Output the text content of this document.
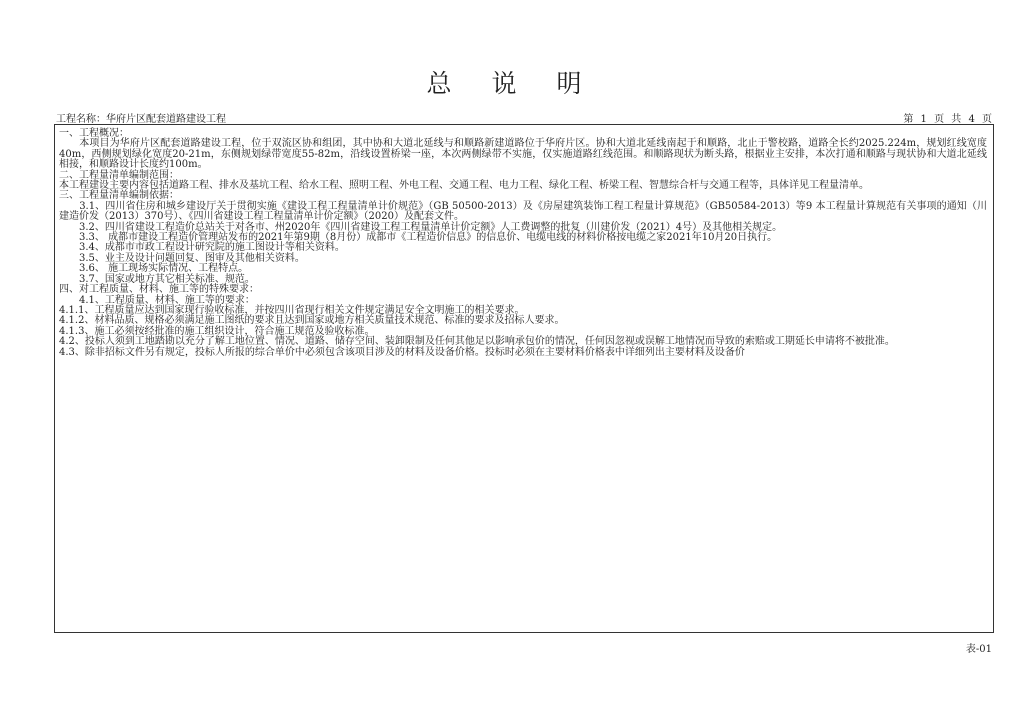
总 说 明
工程名称：华府片区配套道路建设工程	第 1 页 共 4 页

一、工程概况：

　　本项目为华府片区配套道路建设工程，位于双流区协和组团，其中协和大道北延线与和顺路新建道路位于华府片区。协和大道北延线南起于和顺路，北止于警校路，道路全长约2025.224m，规划红线宽度40m，西侧规划绿化宽度20-21m，东侧规划绿带宽度55-82m，沿线设置桥梁一座，本次两侧绿带不实施，仅实施道路红线范围。和顺路现状为断头路，根据业主安排，本次打通和顺路与现状协和大道北延线相接，和顺路设计长度约100m。

二、工程量清单编制范围：

本工程建设主要内容包括道路工程、排水及基坑工程、给水工程、照明工程、外电工程、交通工程、电力工程、绿化工程、桥梁工程、智慧综合杆与交通工程等，具体详见工程量清单。

三、工程量清单编制依据：

　　3.1、四川省住房和城乡建设厅关于贯彻实施《建设工程工程量清单计价规范》（GB 50500-2013）及《房屋建筑装饰工程工程量计算规范》（GB50584-2013）等9 本工程量计算规范有关事项的通知（川建造价发（2013）370号）、《四川省建设工程工程量清单计价定额》（2020）及配套文件。

　　3.2、四川省建设工程造价总站关于对各市、州2020年《四川省建设工程工程量清单计价定额》人工费调整的批复（川建价发（2021）4号）及其他相关规定。

　　3.3、 成都市建设工程造价管理站发布的2021年第9期（8月份）成都市《工程造价信息》的信息价、电缆电线的材料价格按电缆之家2021年10月20日执行。

　　3.4、成都市市政工程设计研究院的施工图设计等相关资料。

　　3.5、业主及设计问题回复、图审及其他相关资料。

　　3.6、 施工现场实际情况、工程特点。

　　3.7、国家或地方其它相关标准、规范。

四、对工程质量、材料、施工等的特殊要求：

　　4.1、工程质量、材料、施工等的要求：

4.1.1、工程质量应达到国家现行验收标准，并按四川省现行相关文件规定满足安全文明施工的相关要求。

4.1.2、材料品质、规格必须满足施工图纸的要求且达到国家或地方相关质量技术规范、标准的要求及招标人要求。

4.1.3、施工必须按经批准的施工组织设计，符合施工规范及验收标准。

4.2、投标人须到工地踏勘以充分了解工地位置、情况、道路、储存空间、装卸限制及任何其他足以影响承包价的情况，任何因忽视或误解工地情况而导致的索赔或工期延长申请将不被批准。

4.3、除非招标文件另有规定，投标人所报的综合单价中必须包含该项目涉及的材料及设备价格。投标时必须在主要材料价格表中详细列出主要材料及设备价

表-01
